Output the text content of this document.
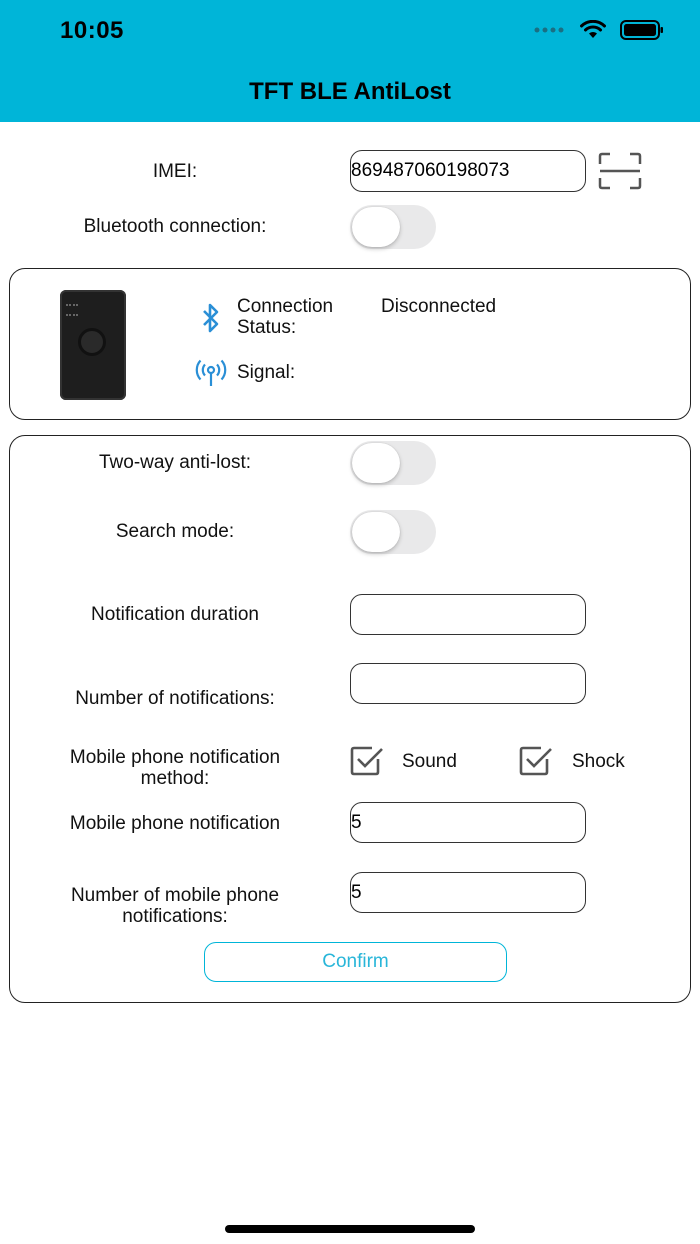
10:05
TFT BLE AntiLost
IMEI:	869487060198073
Bluetooth connection:
Connection Status:
Disconnected
Signal:
Two-way anti-lost:
Search mode:
Notification duration
Number of notifications:
Mobile phone notification method:
Sound	Shock
Mobile phone notification	5
Number of mobile phone notifications:
5
Confirm
